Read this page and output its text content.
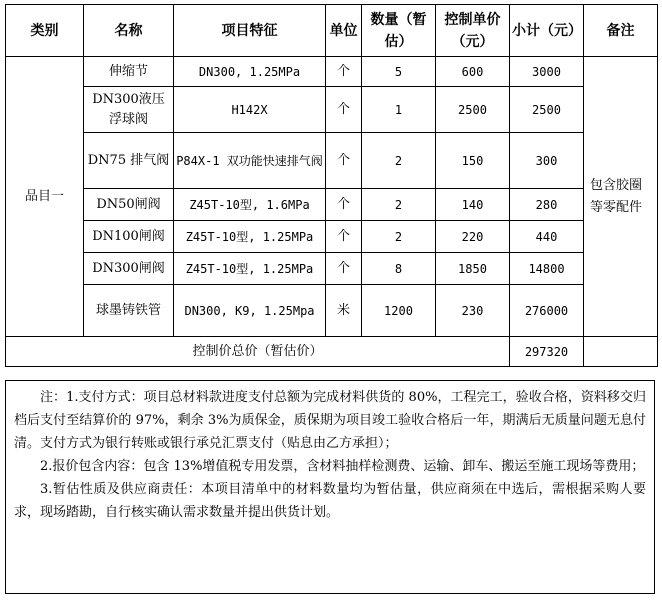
类别	名称	项目特征	单位	数量（暂估）	控制单价（元）	小计（元）	备注
品目一	伸缩节	DN300, 1.25MPa	个	5	600	3000	包含胶圈等零配件
	DN300液压浮球阀	H142X	个	1	2500	2500	
	DN75 排气阀	P84X-1 双功能快速排气阀	个	2	150	300	
	DN50闸阀	Z45T-10型, 1.6MPa	个	2	140	280	
	DN100闸阀	Z45T-10型, 1.25MPa	个	2	220	440	
	DN300闸阀	Z45T-10型, 1.25MPa	个	8	1850	14800	
	球墨铸铁管	DN300, K9, 1.25Mpa	米	1200	230	276000	
控制价总价（暂估价）						297320	

注：1.支付方式：项目总材料款进度支付总额为完成材料供货的 80%，工程完工，验收合格，资料移交归档后支付至结算价的 97%，剩余 3%为质保金，质保期为项目竣工验收合格后一年，期满后无质量问题无息付清。支付方式为银行转账或银行承兑汇票支付（贴息由乙方承担）；

2.报价包含内容：包含 13%增值税专用发票，含材料抽样检测费、运输、卸车、搬运至施工现场等费用；

3.暂估性质及供应商责任：本项目清单中的材料数量均为暂估量，供应商须在中选后，需根据采购人要求，现场踏勘，自行核实确认需求数量并提出供货计划。
